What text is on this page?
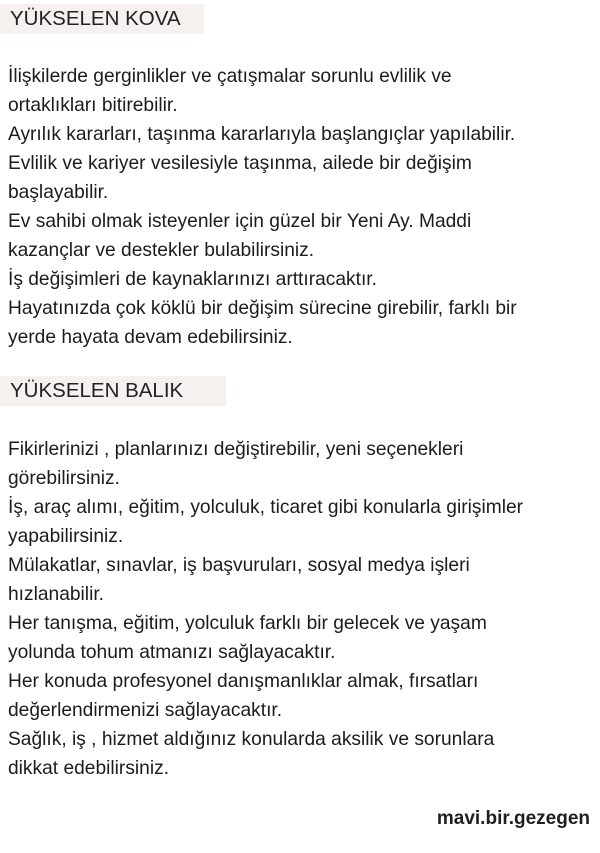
YÜKSELEN KOVA
İlişkilerde gerginlikler ve çatışmalar sorunlu evlilik ve
ortaklıkları bitirebilir.
Ayrılık kararları, taşınma kararlarıyla başlangıçlar yapılabilir.
Evlilik ve kariyer vesilesiyle taşınma, ailede bir değişim
başlayabilir.
Ev sahibi olmak isteyenler için güzel bir Yeni Ay. Maddi
kazançlar ve destekler bulabilirsiniz.
İş değişimleri de kaynaklarınızı arttıracaktır.
Hayatınızda çok köklü bir değişim sürecine girebilir, farklı bir
yerde hayata devam edebilirsiniz.
YÜKSELEN BALIK
Fikirlerinizi , planlarınızı değiştirebilir, yeni seçenekleri
görebilirsiniz.
İş, araç alımı, eğitim, yolculuk, ticaret gibi konularla girişimler
yapabilirsiniz.
Mülakatlar, sınavlar, iş başvuruları, sosyal medya işleri
hızlanabilir.
Her tanışma, eğitim, yolculuk farklı bir gelecek ve yaşam
yolunda tohum atmanızı sağlayacaktır.
Her konuda profesyonel danışmanlıklar almak, fırsatları
değerlendirmenizi sağlayacaktır.
Sağlık, iş , hizmet aldığınız konularda aksilik ve sorunlara
dikkat edebilirsiniz.
mavi.bir.gezegen
